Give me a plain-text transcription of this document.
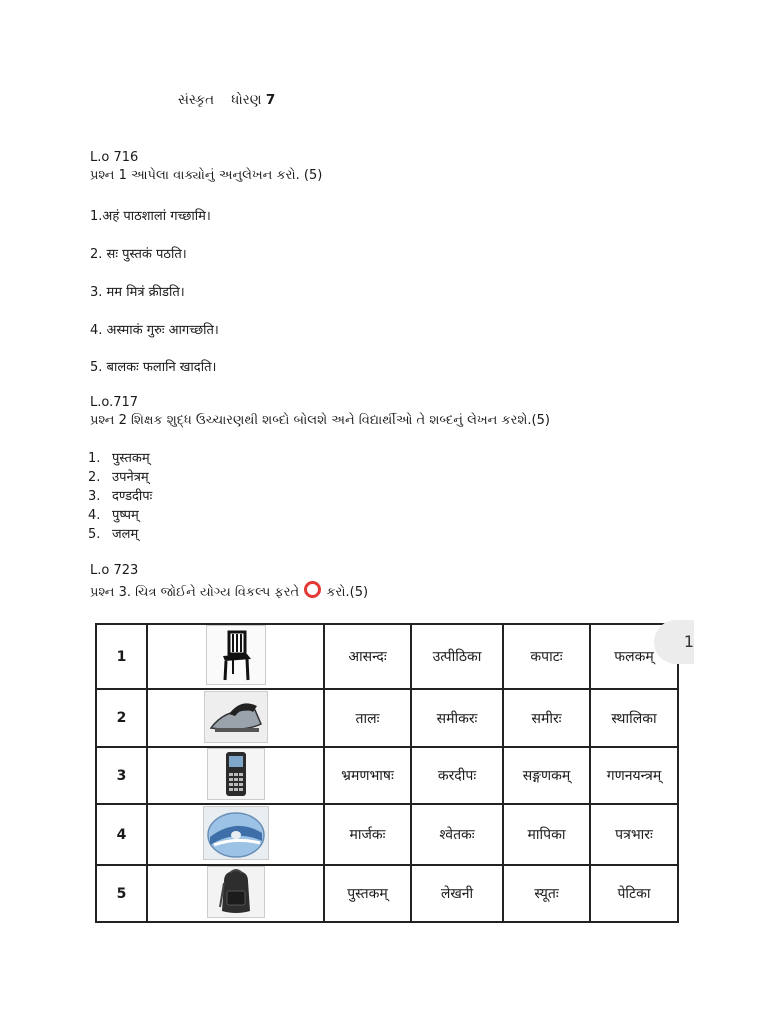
સંસ્કૃત ધોરણ 7
L.o 716
પ્રશ્ન 1 આપેલા વાક્યોનું અનુલેખન કરો. (5)
1.अहं पाठशालां गच्छामि।
2. सः पुस्तकं पठति।
3. मम मित्रं क्रीडति।
4. अस्माकं गुरुः आगच्छति।
5. बालकः फलानि खादति।
L.o.717
પ્રશ્ન 2 શિક્ષક શુદ્ધ ઉચ્ચારણથી શબ્દો બોલશે અને વિદ્યાર્થીઓ તે શબ્દનું લેખન કરશે.(5)
1. पुस्तकम्
2. उपनेत्रम्
3. दण्डदीपः
4. पुष्पम्
5. जलम्
L.o 723
પ્રશ્ન 3. ચિત્ર જોઈને યોગ્ય વિકલ્પ ફરતે કરો.(5)
1		आसन्दः	उत्पीठिका	कपाटः	फलकम्
2		तालः	समीकरः	समीरः	स्थालिका
3		भ्रमणभाषः	करदीपः	सङ्गणकम्	गणनयन्त्रम्
4		मार्जकः	श्वेतकः	मापिका	पत्रभारः
5		पुस्तकम्	लेखनी	स्यूतः	पेटिका
1
